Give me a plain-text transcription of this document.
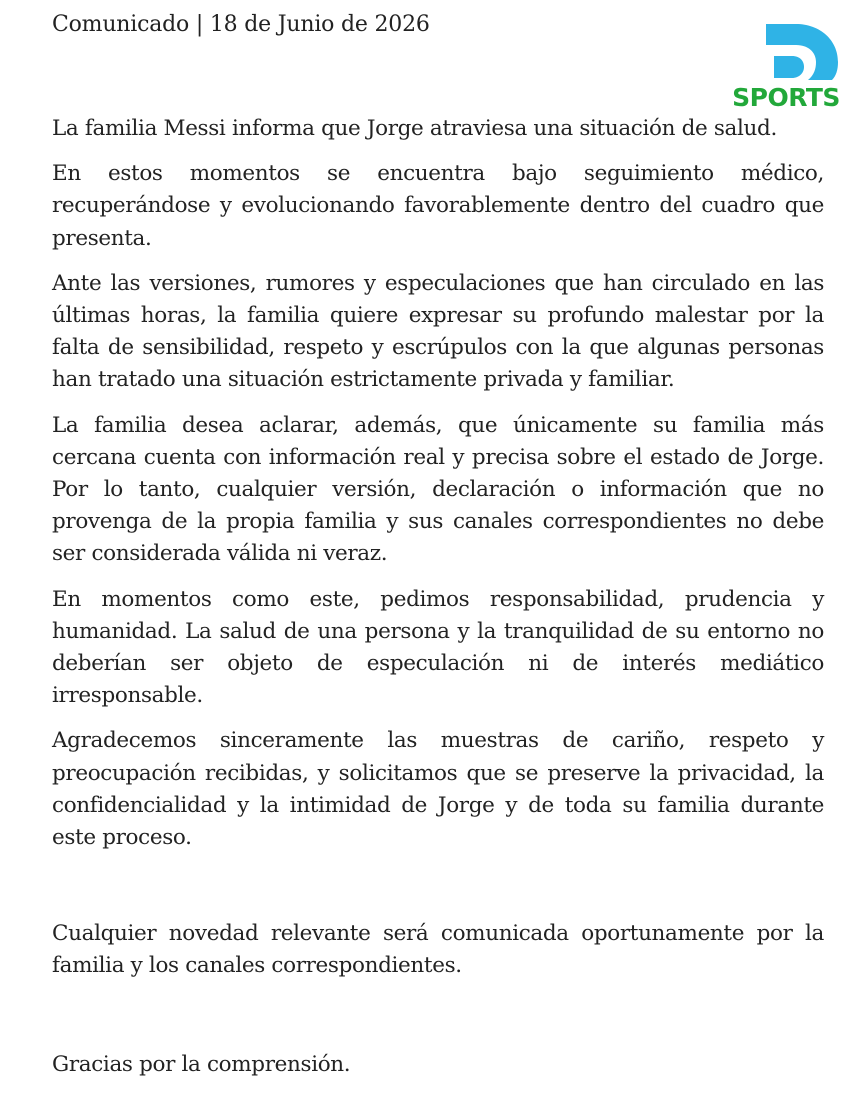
Comunicado | 18 de Junio de 2026
SPORTS

La familia Messi informa que Jorge atraviesa una situación de salud.

En estos momentos se encuentra bajo seguimiento médico, recuperándose y evolucionando favorablemente dentro del cuadro que presenta.

Ante las versiones, rumores y especulaciones que han circulado en las últimas horas, la familia quiere expresar su profundo malestar por la falta de sensibilidad, respeto y escrúpulos con la que algunas personas han tratado una situación estrictamente privada y familiar.

La familia desea aclarar, además, que únicamente su familia más cercana cuenta con información real y precisa sobre el estado de Jorge. Por lo tanto, cualquier versión, declaración o información que no provenga de la propia familia y sus canales correspondientes no debe ser considerada válida ni veraz.

En momentos como este, pedimos responsabilidad, prudencia y humanidad. La salud de una persona y la tranquilidad de su entorno no deberían ser objeto de especulación ni de interés mediático irresponsable.

Agradecemos sinceramente las muestras de cariño, respeto y preocupación recibidas, y solicitamos que se preserve la privacidad, la confidencialidad y la intimidad de Jorge y de toda su familia durante este proceso.

Cualquier novedad relevante será comunicada oportunamente por la familia y los canales correspondientes.

Gracias por la comprensión.
